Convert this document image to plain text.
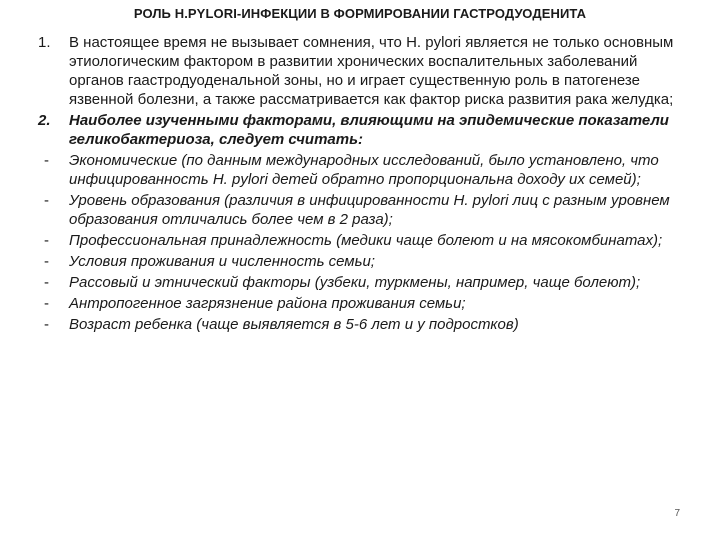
РОЛЬ H.PYLORI-ИНФЕКЦИИ В ФОРМИРОВАНИИ ГАСТРОДУОДЕНИТА
1.	В настоящее время не вызывает сомнения, что H. pylori является не только основным этиологическим фактором в развитии хронических воспалительных заболеваний органов гаастродуоденальной зоны, но и играет существенную роль в патогенезе язвенной болезни, а также рассматривается как фактор риска развития рака желудка;
2.	Наиболее изученными факторами, влияющими на эпидемические показатели геликобактериоза, следует считать:
-	Экономические (по данным международных исследований, было установлено, что инфицированность H. pylori детей обратно пропорциональна доходу их семей);
-	Уровень образования (различия в инфицированности H. pylori лиц с разным уровнем образования отличались более чем в 2 раза);
-	Профессиональная принадлежность (медики чаще болеют и на мясокомбинатах);
-	Условия проживания и численность семьи;
-	Рассовый и этнический факторы (узбеки, туркмены, например, чаще болеют);
-	Антропогенное загрязнение района проживания семьи;
-	Возраст ребенка (чаще выявляется в 5-6 лет и у подростков)
7
